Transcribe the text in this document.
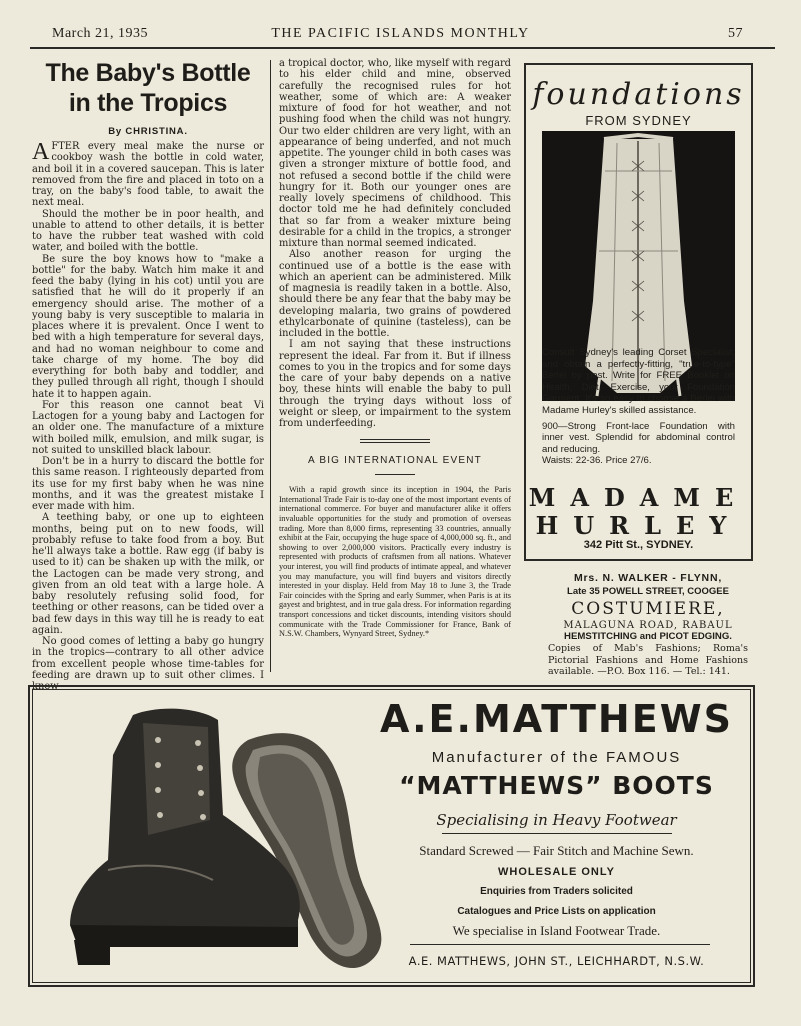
March 21, 1935	THE PACIFIC ISLANDS MONTHLY	57
The Baby's Bottle in the Tropics
By CHRISTINA.

AFTER every meal make the nurse or cookboy wash the bottle in cold water, and boil it in a covered saucepan. This is later removed from the fire and placed in toto on a tray, on the baby's food table, to await the next meal.

Should the mother be in poor health, and unable to attend to other details, it is better to have the rubber teat washed with cold water, and boiled with the bottle.

Be sure the boy knows how to "make a bottle" for the baby. Watch him make it and feed the baby (lying in his cot) until you are satisfied that he will do it properly if an emergency should arise. The mother of a young baby is very susceptible to malaria in places where it is prevalent. Once I went to bed with a high temperature for several days, and had no woman neighbour to come and take charge of my home. The boy did everything for both baby and toddler, and they pulled through all right, though I should hate it to happen again.

For this reason one cannot beat Vi Lactogen for a young baby and Lactogen for an older one. The manufacture of a mixture with boiled milk, emulsion, and milk sugar, is not suited to unskilled black labour.

Don't be in a hurry to discard the bottle for this same reason. I righteously departed from its use for my first baby when he was nine months, and it was the greatest mistake I ever made with him.

A teething baby, or one up to eighteen months, being put on to new foods, will probably refuse to take food from a boy. But he'll always take a bottle. Raw egg (if baby is used to it) can be shaken up with the milk, or the Lactogen can be made very strong, and given from an old teat with a large hole. A baby resolutely refusing solid food, for teething or other reasons, can be tided over a bad few days in this way till he is ready to eat again.

No good comes of letting a baby go hungry in the tropics—contrary to all other advice from excellent people whose time-tables for feeding are drawn up to suit other climes. I know

a tropical doctor, who, like myself with regard to his elder child and mine, observed carefully the recognised rules for hot weather, some of which are: A weaker mixture of food for hot weather, and not pushing food when the child was not hungry. Our two elder children are very light, with an appearance of being underfed, and not much appetite. The younger child in both cases was given a stronger mixture of bottle food, and not refused a second bottle if the child were hungry for it. Both our younger ones are really lovely specimens of childhood. This doctor told me he had definitely concluded that so far from a weaker mixture being desirable for a child in the tropics, a stronger mixture than normal seemed indicated.

Also another reason for urging the continued use of a bottle is the ease with which an aperient can be administered. Milk of magnesia is readily taken in a bottle. Also, should there be any fear that the baby may be developing malaria, two grains of powdered ethylcarbonate of quinine (tasteless), can be included in the bottle.

I am not saying that these instructions represent the ideal. Far from it. But if illness comes to you in the tropics and for some days the care of your baby depends on a native boy, these hints will enable the baby to pull through the trying days without loss of weight or sleep, or impairment to the system from underfeeding.

A BIG INTERNATIONAL EVENT

With a rapid growth since its inception in 1904, the Paris International Trade Fair is to-day one of the most important events of international commerce. For buyer and manufacturer alike it offers invaluable opportunities for the study and promotion of overseas trading. More than 8,000 firms, representing 33 countries, annually exhibit at the Fair, occupying the huge space of 4,000,000 sq. ft., and showing to over 2,000,000 visitors. Practically every industry is represented with products of craftsmen from all nations. Whatever your interest, you will find products of intimate appeal, and whatever you may manufacture, you will find buyers and visitors directly interested in your display. Held from May 18 to June 3, the Trade Fair coincides with the Spring and early Summer, when Paris is at its gayest and brightest, and in true gala dress. For information regarding transport concessions and ticket discounts, intending visitors should communicate with the Trade Commissioner for France, Bank of N.S.W. Chambers, Wynyard Street, Sydney.*

foundations
FROM SYDNEY

Consult Sydney's leading Corset Specialist, and obtain a perfectly-fitting, "true-to-type" Berlei by post. Write for FREE Booklet on Health, Diet, Exercise, your Foundation Garment. It's so easy to choose a Berlei with Madame Hurley's skilled assistance.

900—Strong Front-lace Foundation with inner vest. Splendid for abdominal control and reducing.

Waists: 22-36. Price 27/6.

MADAME
HURLEY
342 Pitt St., SYDNEY.
Mrs. N. WALKER - FLYNN,
Late 35 POWELL STREET, COOGEE
COSTUMIERE,
MALAGUNA ROAD, RABAUL
HEMSTITCHING and PICOT EDGING.
Copies of Mab's Fashions; Roma's Pictorial Fashions and Home Fashions available. —P.O. Box 116. — Tel.: 141.
A.E.MATTHEWS
Manufacturer of the FAMOUS
“MATTHEWS” BOOTS
Specialising in Heavy Footwear
Standard Screwed — Fair Stitch and Machine Sewn.
WHOLESALE ONLY
Enquiries from Traders solicited
Catalogues and Price Lists on application
We specialise in Island Footwear Trade.
A.E. MATTHEWS, JOHN ST., LEICHHARDT, N.S.W.
